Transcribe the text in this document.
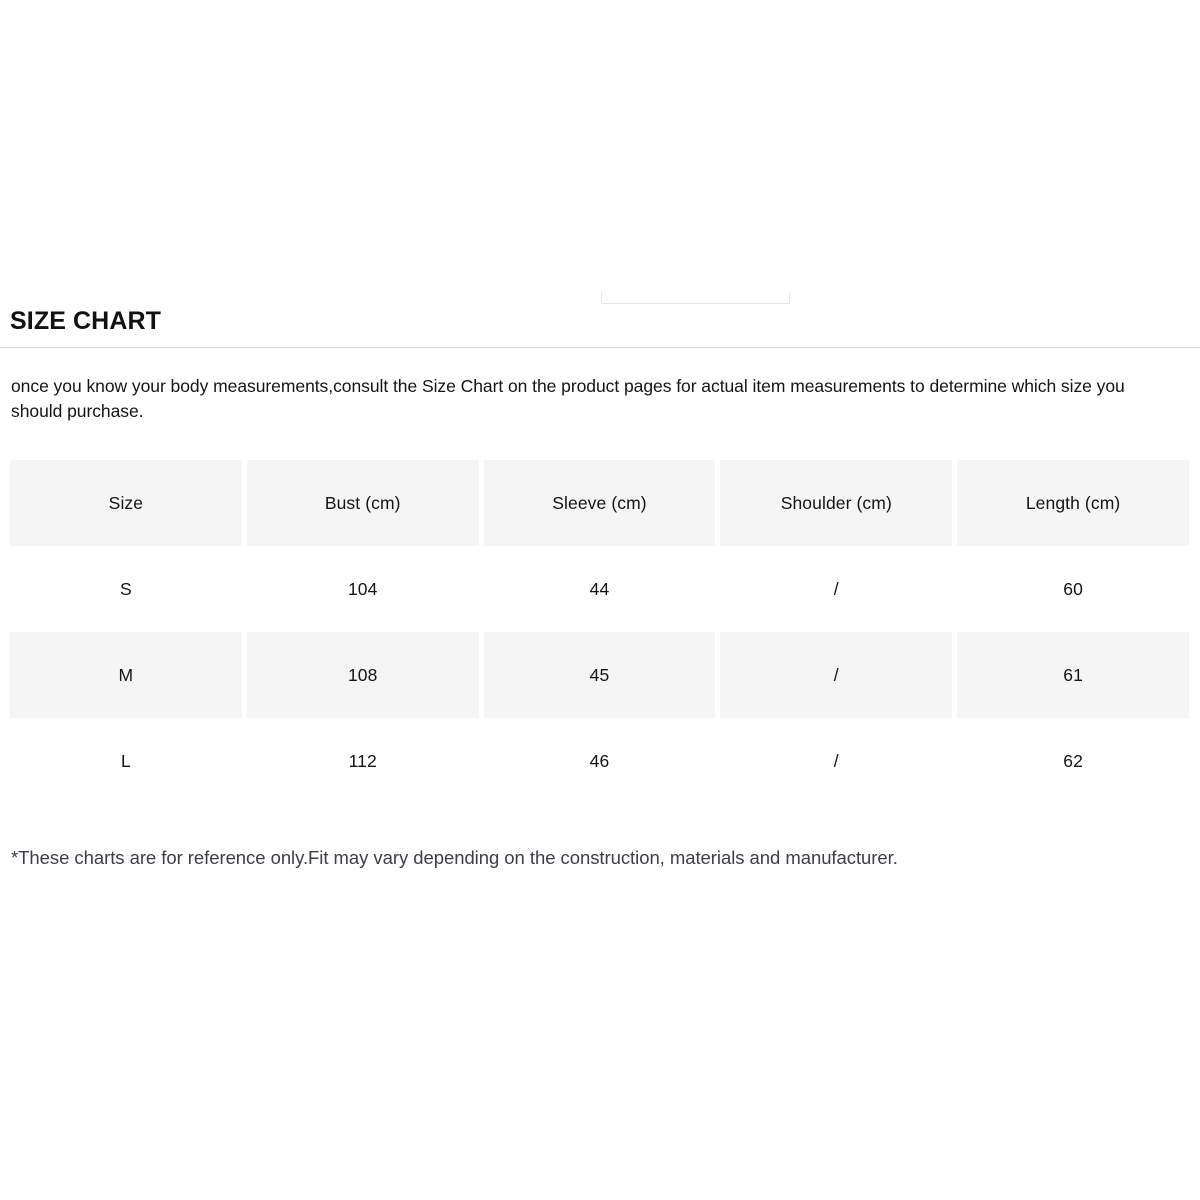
SIZE CHART
once you know your body measurements,consult the Size Chart on the product pages for actual item measurements to determine which size you should purchase.
Size	Bust (cm)	Sleeve (cm)	Shoulder (cm)	Length (cm)
S	104	44	/	60
M	108	45	/	61
L	112	46	/	62
*These charts are for reference only.Fit may vary depending on the construction, materials and manufacturer.
